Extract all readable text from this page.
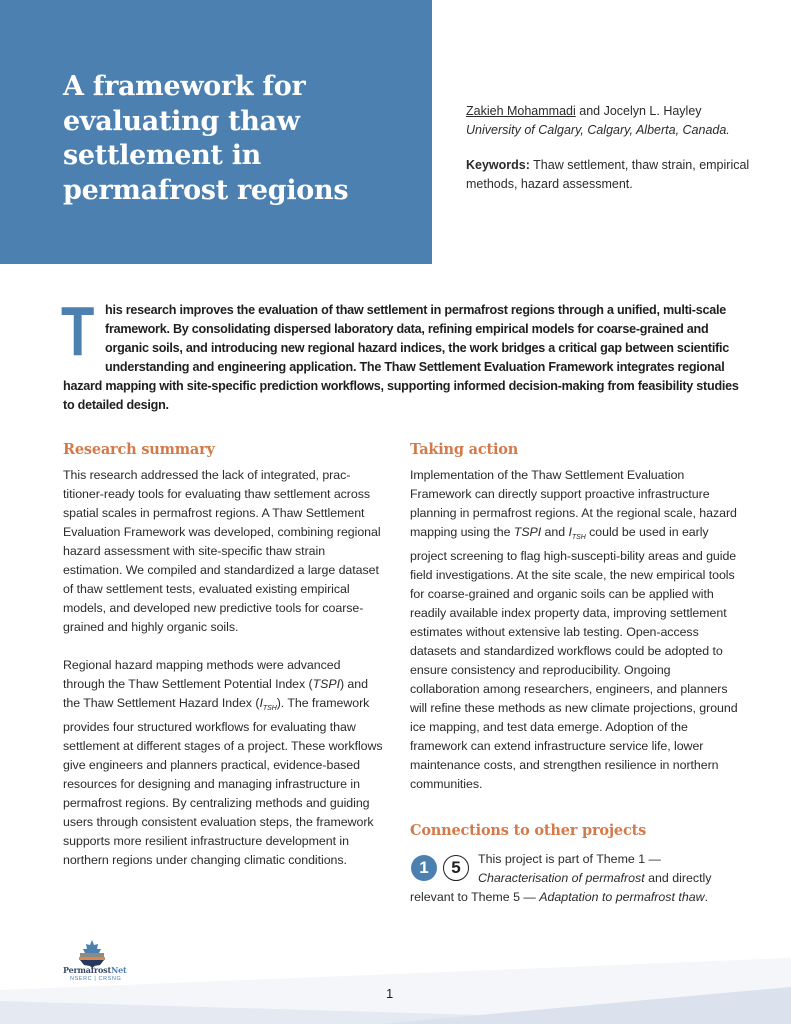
A framework for evaluating thaw settlement in permafrost regions
Zakieh Mohammadi and Jocelyn L. Hayley
University of Calgary, Calgary, Alberta, Canada.
Keywords: Thaw settlement, thaw strain, empirical methods, hazard assessment.

This research improves the evaluation of thaw settlement in permafrost regions through a unified, multi-scale framework. By consolidating dispersed laboratory data, refining empirical models for coarse-grained and organic soils, and introducing new regional hazard indices, the work bridges a critical gap between scientific understanding and engineering application. The Thaw Settlement Evaluation Framework integrates regional hazard mapping with site-specific prediction workflows, supporting informed decision-making from feasibility studies to detailed design.

Research summary

This research addressed the lack of integrated, prac-titioner-ready tools for evaluating thaw settlement across spatial scales in permafrost regions. A Thaw Settlement Evaluation Framework was developed, combining regional hazard assessment with site-specific thaw strain estimation. We compiled and standardized a large dataset of thaw settlement tests, evaluated existing empirical models, and developed new predictive tools for coarse-grained and highly organic soils.

Regional hazard mapping methods were advanced through the Thaw Settlement Potential Index (TSPI) and the Thaw Settlement Hazard Index $(I_{TSH})$. The framework provides four structured workflows for evaluating thaw settlement at different stages of a project. These workflows give engineers and planners practical, evidence-based resources for designing and managing infrastructure in permafrost regions. By centralizing methods and guiding users through consistent evaluation steps, the framework supports more resilient infrastructure development in northern regions under changing climatic conditions.

Taking action

Implementation of the Thaw Settlement Evaluation Framework can directly support proactive infrastructure planning in permafrost regions. At the regional scale, hazard mapping using the TSPI and $I_{TSH}$ could be used in early project screening to flag high-suscepti-bility areas and guide field investigations. At the site scale, the new empirical tools for coarse-grained and organic soils can be applied with readily available index property data, improving settlement estimates without extensive lab testing. Open-access datasets and standardized workflows could be adopted to ensure consistency and reproducibility. Ongoing collaboration among researchers, engineers, and planners will refine these methods as new climate projections, ground ice mapping, and test data emerge. Adoption of the framework can extend infrastructure service life, lower maintenance costs, and strengthen resilience in northern communities.

Connections to other projects
1	5	This project is part of Theme 1 — Characterisation of permafrost and directly relevant to Theme 5 — Adaptation to permafrost thaw.
PermafrostNet
NSERC | CRSNG
1
